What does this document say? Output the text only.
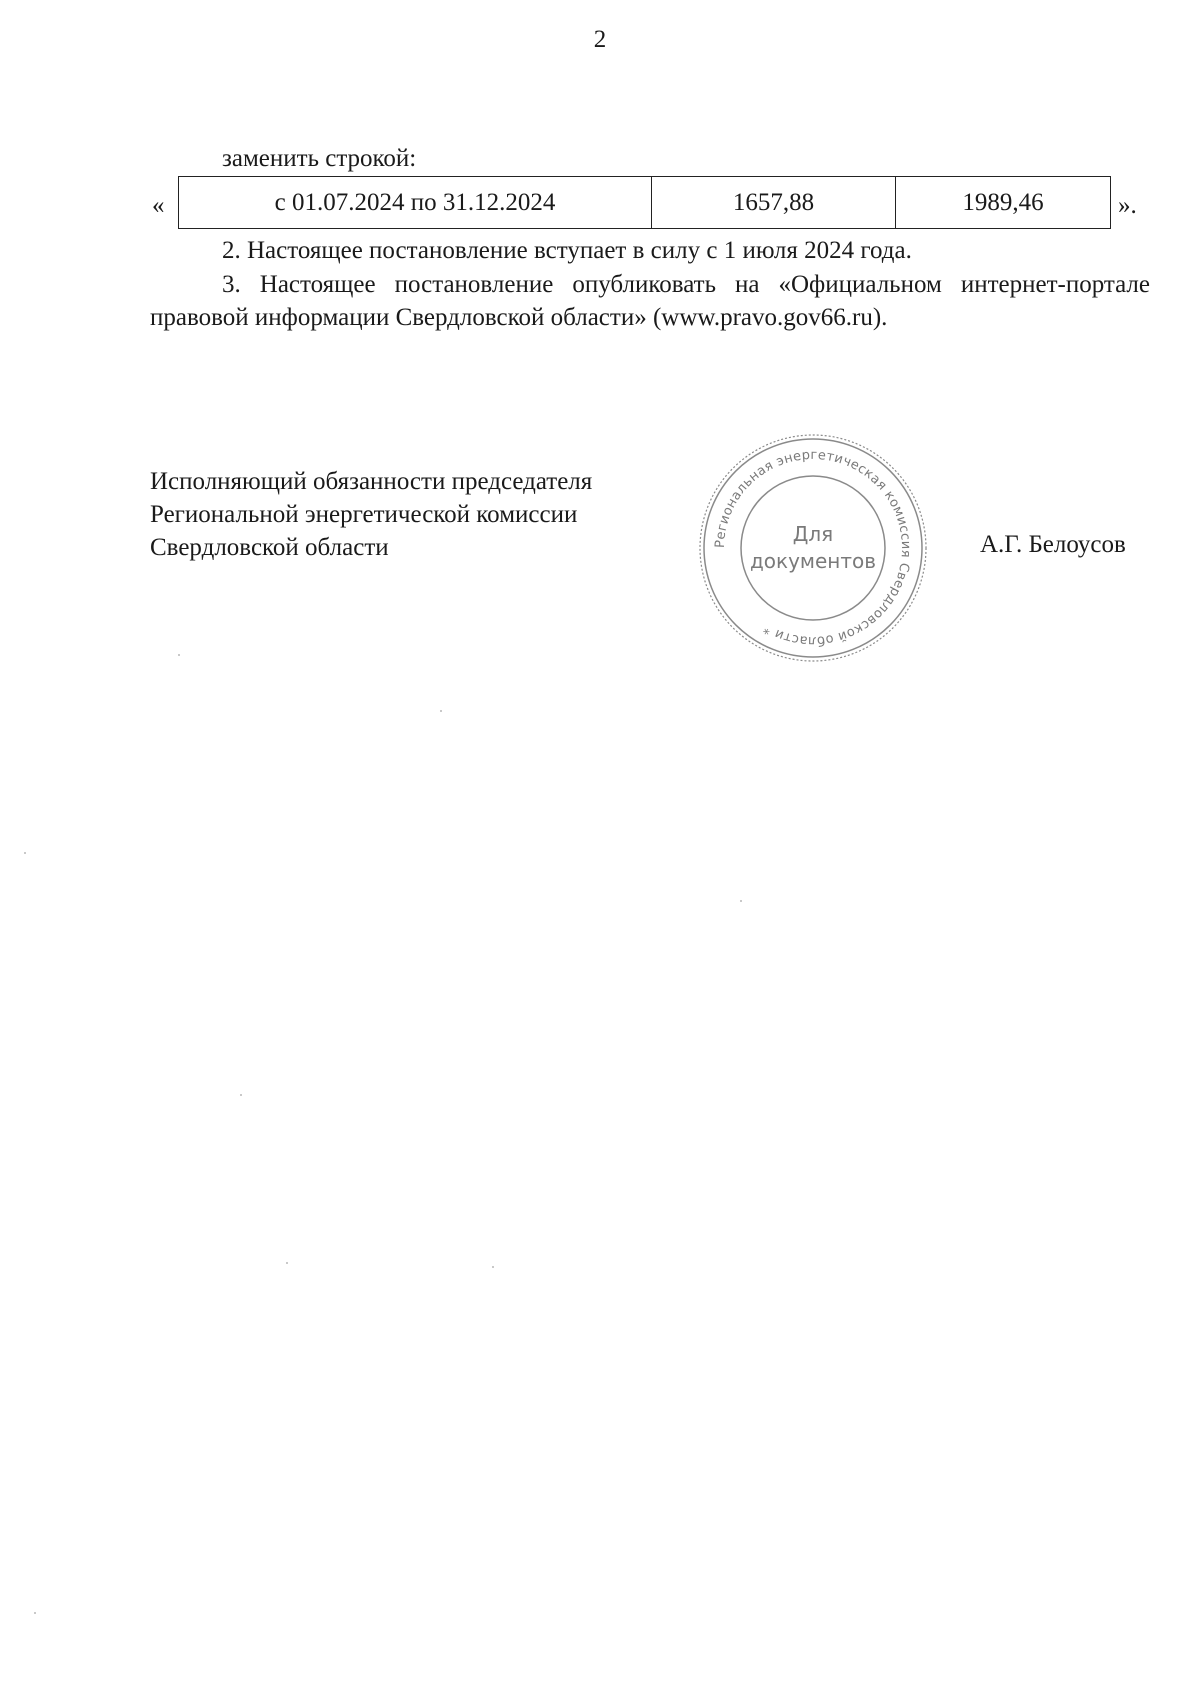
2
заменить строкой:
«	с 01.07.2024 по 31.12.2024	1657,88	1989,46	».

2. Настоящее постановление вступает в силу с 1 июля 2024 года.

3. Настоящее постановление опубликовать на «Официальном интернет-портале правовой информации Свердловской области» (www.pravo.gov66.ru).

Исполняющий обязанности председателя
Региональной энергетической комиссии
Свердловской области	Региональная энергетическая комиссия Свердловской области *
Для
документов
А.Г. Белоусов
